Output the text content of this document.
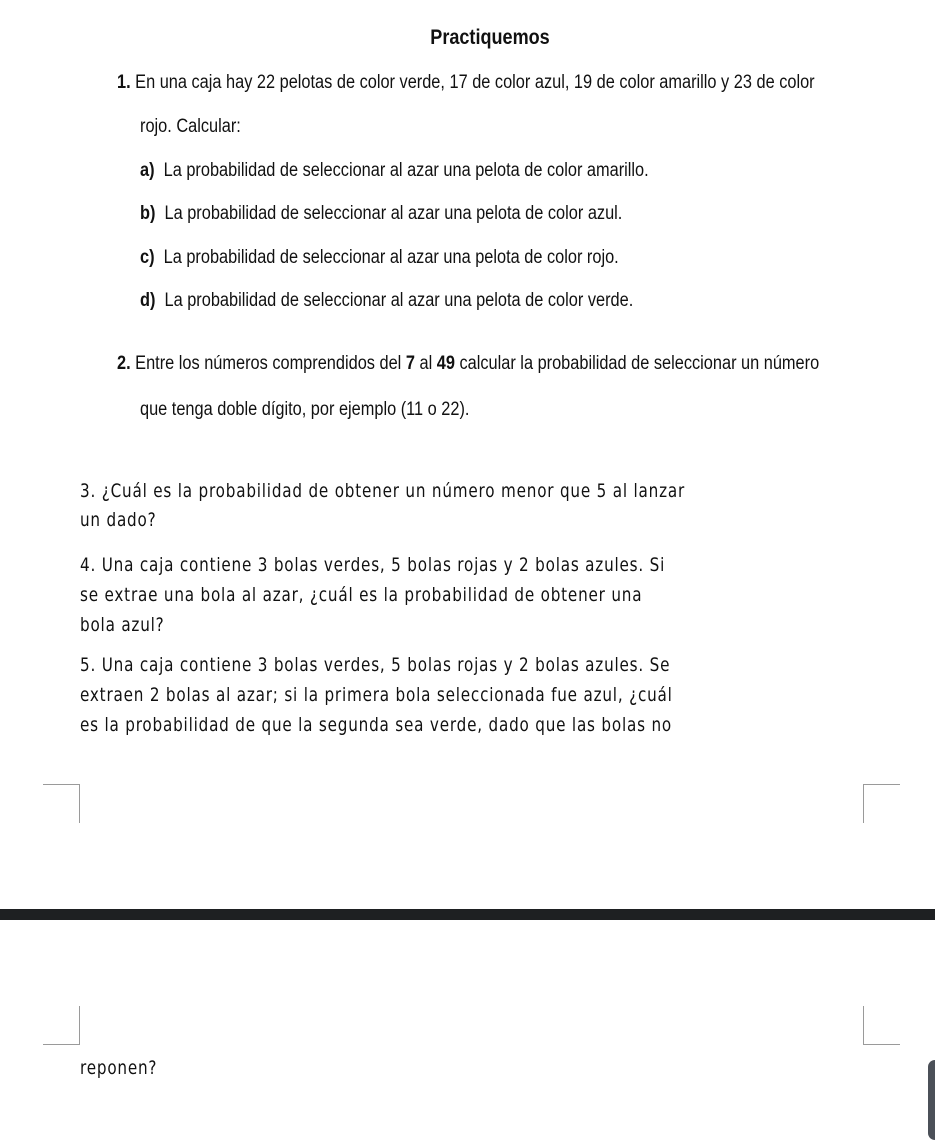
Practiquemos
1. En una caja hay 22 pelotas de color verde, 17 de color azul, 19 de color amarillo y 23 de color
rojo. Calcular:
a) La probabilidad de seleccionar al azar una pelota de color amarillo.
b) La probabilidad de seleccionar al azar una pelota de color azul.
c) La probabilidad de seleccionar al azar una pelota de color rojo.
d) La probabilidad de seleccionar al azar una pelota de color verde.
2. Entre los números comprendidos del 7 al 49 calcular la probabilidad de seleccionar un número
que tenga doble dígito, por ejemplo (11 o 22).
3. ¿Cuál es la probabilidad de obtener un número menor que 5 al lanzar
un dado?
4. Una caja contiene 3 bolas verdes, 5 bolas rojas y 2 bolas azules. Si
se extrae una bola al azar, ¿cuál es la probabilidad de obtener una
bola azul?
5. Una caja contiene 3 bolas verdes, 5 bolas rojas y 2 bolas azules. Se
extraen 2 bolas al azar; si la primera bola seleccionada fue azul, ¿cuál
es la probabilidad de que la segunda sea verde, dado que las bolas no
reponen?
